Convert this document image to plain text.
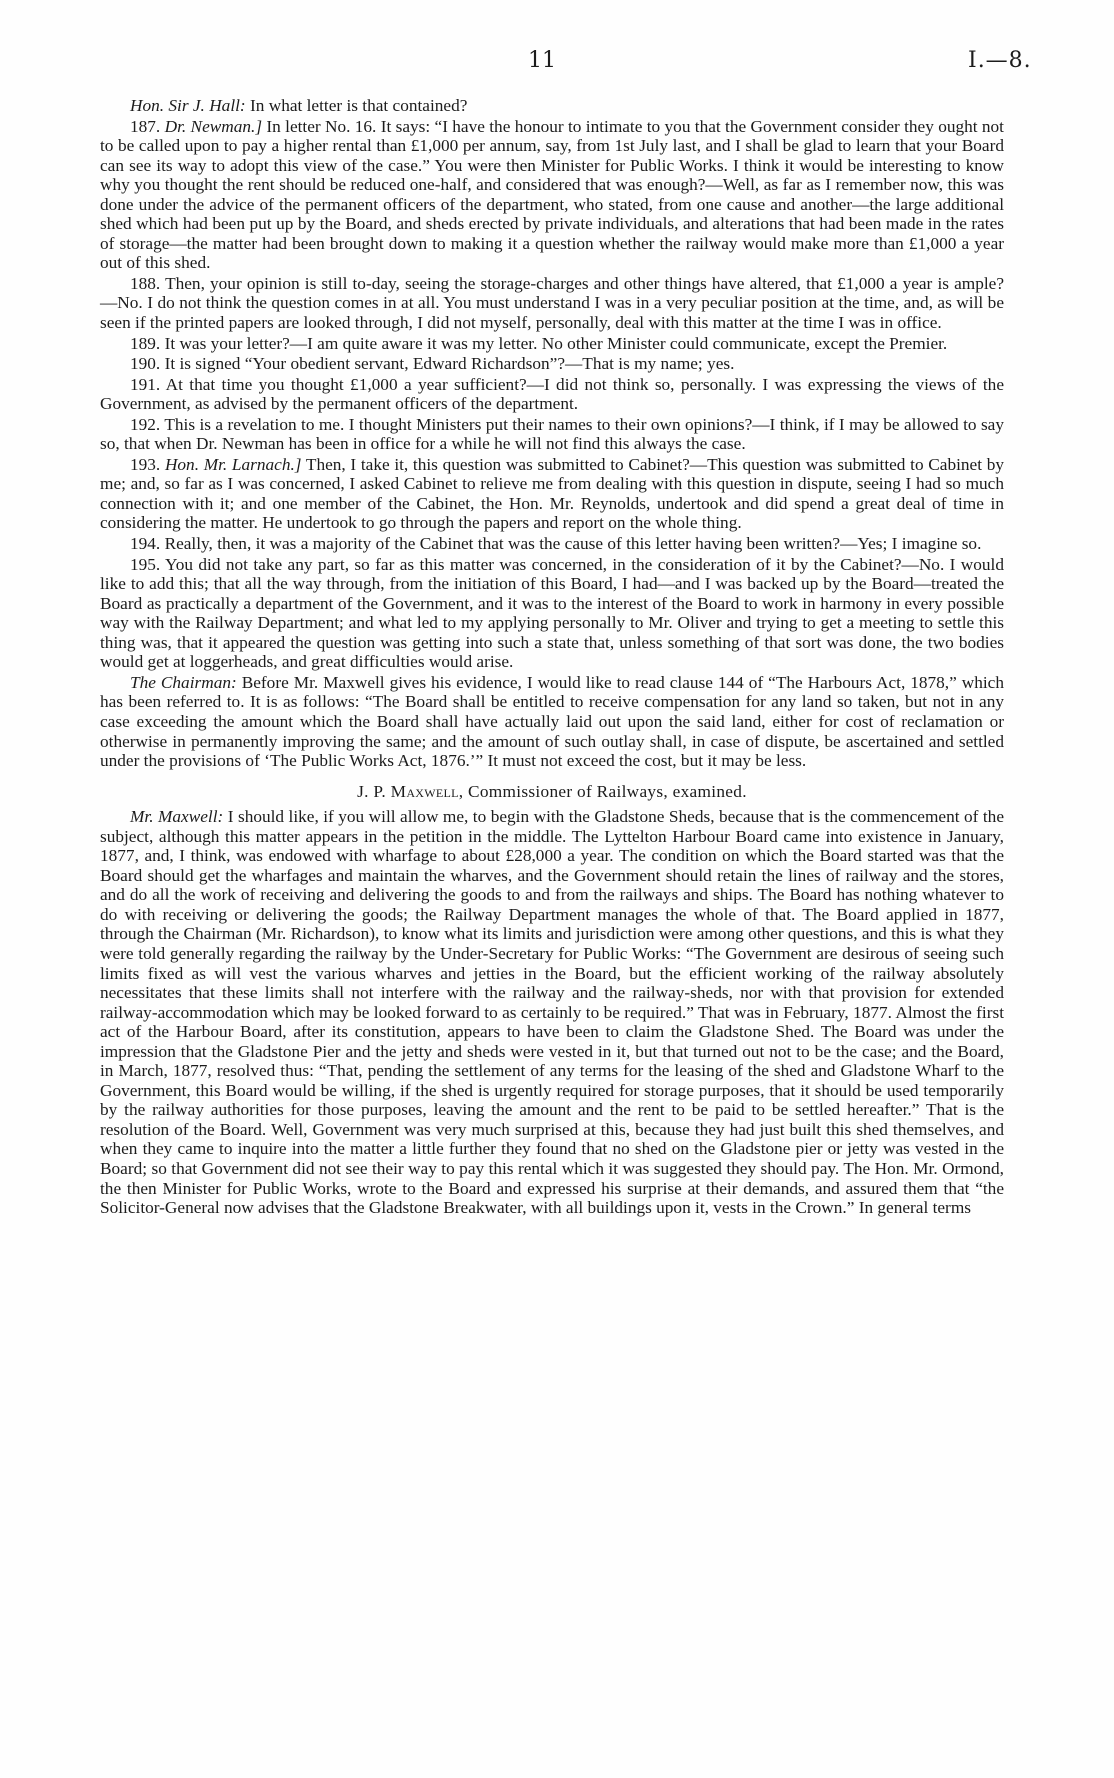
11	I.—8.

Hon. Sir J. Hall: In what letter is that contained?

187. Dr. Newman.] In letter No. 16. It says: “I have the honour to intimate to you that the Government consider they ought not to be called upon to pay a higher rental than £1,000 per annum, say, from 1st July last, and I shall be glad to learn that your Board can see its way to adopt this view of the case.” You were then Minister for Public Works. I think it would be interesting to know why you thought the rent should be reduced one-half, and considered that was enough?—Well, as far as I remember now, this was done under the advice of the permanent officers of the department, who stated, from one cause and another—the large additional shed which had been put up by the Board, and sheds erected by private individuals, and alterations that had been made in the rates of storage—the matter had been brought down to making it a question whether the railway would make more than £1,000 a year out of this shed.

188. Then, your opinion is still to-day, seeing the storage-charges and other things have altered, that £1,000 a year is ample?—No. I do not think the question comes in at all. You must understand I was in a very peculiar position at the time, and, as will be seen if the printed papers are looked through, I did not myself, personally, deal with this matter at the time I was in office.

189. It was your letter?—I am quite aware it was my letter. No other Minister could communicate, except the Premier.

190. It is signed “Your obedient servant, Edward Richardson”?—That is my name; yes.

191. At that time you thought £1,000 a year sufficient?—I did not think so, personally. I was expressing the views of the Government, as advised by the permanent officers of the department.

192. This is a revelation to me. I thought Ministers put their names to their own opinions?—I think, if I may be allowed to say so, that when Dr. Newman has been in office for a while he will not find this always the case.

193. Hon. Mr. Larnach.] Then, I take it, this question was submitted to Cabinet?—This question was submitted to Cabinet by me; and, so far as I was concerned, I asked Cabinet to relieve me from dealing with this question in dispute, seeing I had so much connection with it; and one member of the Cabinet, the Hon. Mr. Reynolds, undertook and did spend a great deal of time in considering the matter. He undertook to go through the papers and report on the whole thing.

194. Really, then, it was a majority of the Cabinet that was the cause of this letter having been written?—Yes; I imagine so.

195. You did not take any part, so far as this matter was concerned, in the consideration of it by the Cabinet?—No. I would like to add this; that all the way through, from the initiation of this Board, I had—and I was backed up by the Board—treated the Board as practically a department of the Government, and it was to the interest of the Board to work in harmony in every possible way with the Railway Department; and what led to my applying personally to Mr. Oliver and trying to get a meeting to settle this thing was, that it appeared the question was getting into such a state that, unless something of that sort was done, the two bodies would get at loggerheads, and great difficulties would arise.

The Chairman: Before Mr. Maxwell gives his evidence, I would like to read clause 144 of “The Harbours Act, 1878,” which has been referred to. It is as follows: “The Board shall be entitled to receive compensation for any land so taken, but not in any case exceeding the amount which the Board shall have actually laid out upon the said land, either for cost of reclamation or otherwise in permanently improving the same; and the amount of such outlay shall, in case of dispute, be ascertained and settled under the provisions of ‘The Public Works Act, 1876.’” It must not exceed the cost, but it may be less.

J. P. Maxwell, Commissioner of Railways, examined.

Mr. Maxwell: I should like, if you will allow me, to begin with the Gladstone Sheds, because that is the commencement of the subject, although this matter appears in the petition in the middle. The Lyttelton Harbour Board came into existence in January, 1877, and, I think, was endowed with wharfage to about £28,000 a year. The condition on which the Board started was that the Board should get the wharfages and maintain the wharves, and the Government should retain the lines of railway and the stores, and do all the work of receiving and delivering the goods to and from the railways and ships. The Board has nothing whatever to do with receiving or delivering the goods; the Railway Department manages the whole of that. The Board applied in 1877, through the Chairman (Mr. Richardson), to know what its limits and jurisdiction were among other questions, and this is what they were told generally regarding the railway by the Under-Secretary for Public Works: “The Government are desirous of seeing such limits fixed as will vest the various wharves and jetties in the Board, but the efficient working of the railway absolutely necessitates that these limits shall not interfere with the railway and the railway-sheds, nor with that provision for extended railway-accommodation which may be looked forward to as certainly to be required.” That was in February, 1877. Almost the first act of the Harbour Board, after its constitution, appears to have been to claim the Gladstone Shed. The Board was under the impression that the Gladstone Pier and the jetty and sheds were vested in it, but that turned out not to be the case; and the Board, in March, 1877, resolved thus: “That, pending the settlement of any terms for the leasing of the shed and Gladstone Wharf to the Government, this Board would be willing, if the shed is urgently required for storage purposes, that it should be used temporarily by the railway authorities for those purposes, leaving the amount and the rent to be paid to be settled hereafter.” That is the resolution of the Board. Well, Government was very much surprised at this, because they had just built this shed themselves, and when they came to inquire into the matter a little further they found that no shed on the Gladstone pier or jetty was vested in the Board; so that Government did not see their way to pay this rental which it was suggested they should pay. The Hon. Mr. Ormond, the then Minister for Public Works, wrote to the Board and expressed his surprise at their demands, and assured them that “the Solicitor-General now advises that the Gladstone Breakwater, with all buildings upon it, vests in the Crown.” In general terms
